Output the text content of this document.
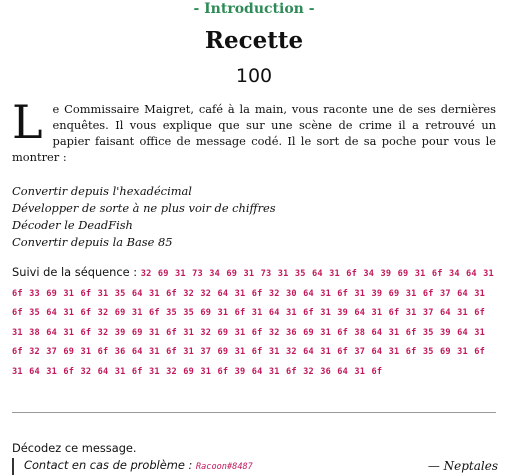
- Introduction -
Recette
100
Le Commissaire Maigret, café à la main, vous raconte une de ses dernières enquêtes. Il vous explique que sur une scène de crime il a retrouvé un papier faisant office de message codé. Il le sort de sa poche pour vous le montrer :
Convertir depuis l'hexadécimal
Développer de sorte à ne plus voir de chiffres
Décoder le DeadFish
Convertir depuis la Base 85
Suivi de la séquence : 32 69 31 73 34 69 31 73 31 35 64 31 6f 34 39 69 31 6f 34 64 31 6f 33 69 31 6f 31 35 64 31 6f 32 32 64 31 6f 32 30 64 31 6f 31 39 69 31 6f 37 64 31 6f 35 64 31 6f 32 69 31 6f 35 35 69 31 6f 31 64 31 6f 31 39 64 31 6f 31 37 64 31 6f 31 38 64 31 6f 32 39 69 31 6f 31 32 69 31 6f 32 36 69 31 6f 38 64 31 6f 35 39 64 31 6f 32 37 69 31 6f 36 64 31 6f 31 37 69 31 6f 31 32 64 31 6f 37 64 31 6f 35 69 31 6f 31 64 31 6f 32 64 31 6f 31 32 69 31 6f 39 64 31 6f 32 36 64 31 6f
Décodez ce message.
Contact en cas de problème : Racoon#8487	— Neptales
